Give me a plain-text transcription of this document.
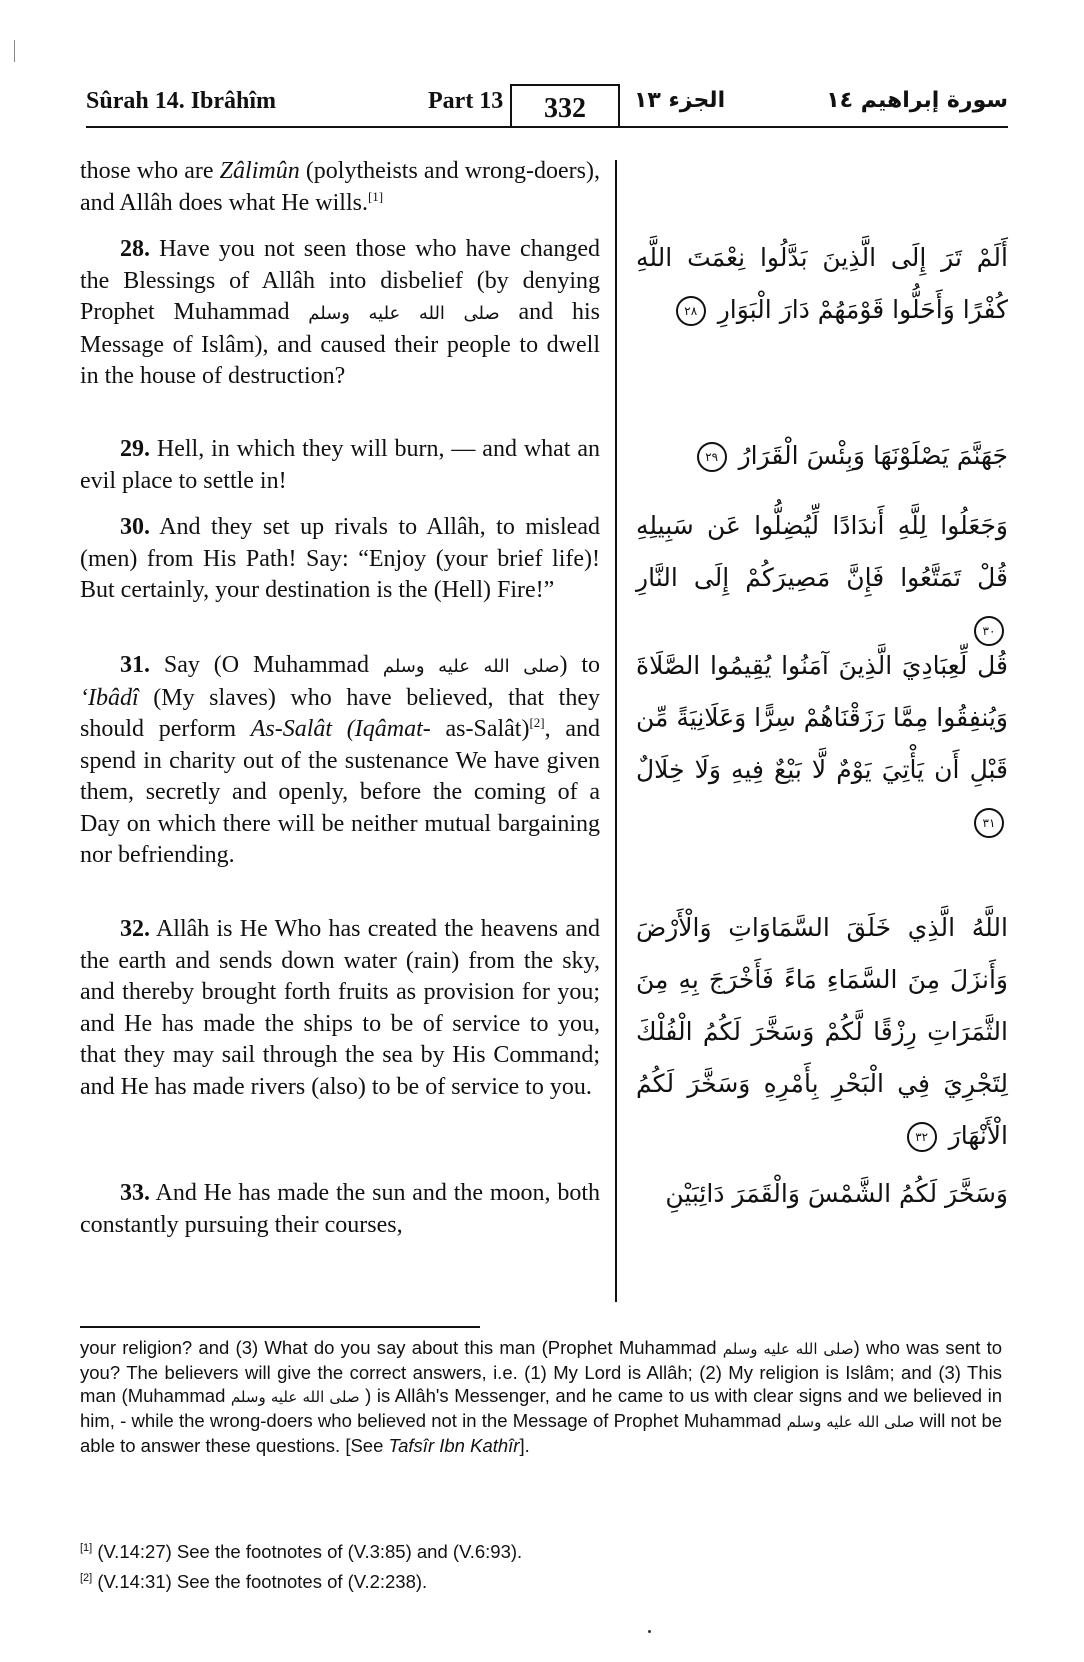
Sûrah 14. Ibrâhîm	Part 13	332	الجزء ١٣	سورة إبراهيم ١٤
those who are Zâlimûn (polytheists and wrong-doers), and Allâh does what He wills.[1]
28. Have you not seen those who have changed the Blessings of Allâh into disbelief (by denying Prophet Muhammad صلى الله عليه وسلم and his Message of Islâm), and caused their people to dwell in the house of destruction?
أَلَمْ تَرَ إِلَى الَّذِينَ بَدَّلُوا نِعْمَتَ اللَّهِ كُفْرًا وَأَحَلُّوا قَوْمَهُمْ دَارَ الْبَوَارِ ٢٨
29. Hell, in which they will burn, — and what an evil place to settle in!
جَهَنَّمَ يَصْلَوْنَهَا وَبِئْسَ الْقَرَارُ ٢٩
30. And they set up rivals to Allâh, to mislead (men) from His Path! Say: “Enjoy (your brief life)! But certainly, your destination is the (Hell) Fire!”
وَجَعَلُوا لِلَّهِ أَندَادًا لِّيُضِلُّوا عَن سَبِيلِهِ قُلْ تَمَتَّعُوا فَإِنَّ مَصِيرَكُمْ إِلَى النَّارِ ٣٠
31. Say (O Muhammad صلى الله عليه وسلم) to ‘Ibâdî (My slaves) who have believed, that they should perform As-Salât (Iqâmat- as-Salât)[2], and spend in charity out of the sustenance We have given them, secretly and openly, before the coming of a Day on which there will be neither mutual bargaining nor befriending.
قُل لِّعِبَادِيَ الَّذِينَ آمَنُوا يُقِيمُوا الصَّلَاةَ وَيُنفِقُوا مِمَّا رَزَقْنَاهُمْ سِرًّا وَعَلَانِيَةً مِّن قَبْلِ أَن يَأْتِيَ يَوْمٌ لَّا بَيْعٌ فِيهِ وَلَا خِلَالٌ ٣١
32. Allâh is He Who has created the heavens and the earth and sends down water (rain) from the sky, and thereby brought forth fruits as provision for you; and He has made the ships to be of service to you, that they may sail through the sea by His Command; and He has made rivers (also) to be of service to you.
اللَّهُ الَّذِي خَلَقَ السَّمَاوَاتِ وَالْأَرْضَ وَأَنزَلَ مِنَ السَّمَاءِ مَاءً فَأَخْرَجَ بِهِ مِنَ الثَّمَرَاتِ رِزْقًا لَّكُمْ وَسَخَّرَ لَكُمُ الْفُلْكَ لِتَجْرِيَ فِي الْبَحْرِ بِأَمْرِهِ وَسَخَّرَ لَكُمُ الْأَنْهَارَ ٣٢
33. And He has made the sun and the moon, both constantly pursuing their courses,
وَسَخَّرَ لَكُمُ الشَّمْسَ وَالْقَمَرَ دَائِبَيْنِ
your religion? and (3) What do you say about this man (Prophet Muhammad صلى الله عليه وسلم) who was sent to you? The believers will give the correct answers, i.e. (1) My Lord is Allâh; (2) My religion is Islâm; and (3) This man (Muhammad صلى الله عليه وسلم ) is Allâh's Messenger, and he came to us with clear signs and we believed in him, - while the wrong-doers who believed not in the Message of Prophet Muhammad صلى الله عليه وسلم will not be able to answer these questions. [See Tafsîr Ibn Kathîr].
[1] (V.14:27) See the footnotes of (V.3:85) and (V.6:93).
[2] (V.14:31) See the footnotes of (V.2:238).
